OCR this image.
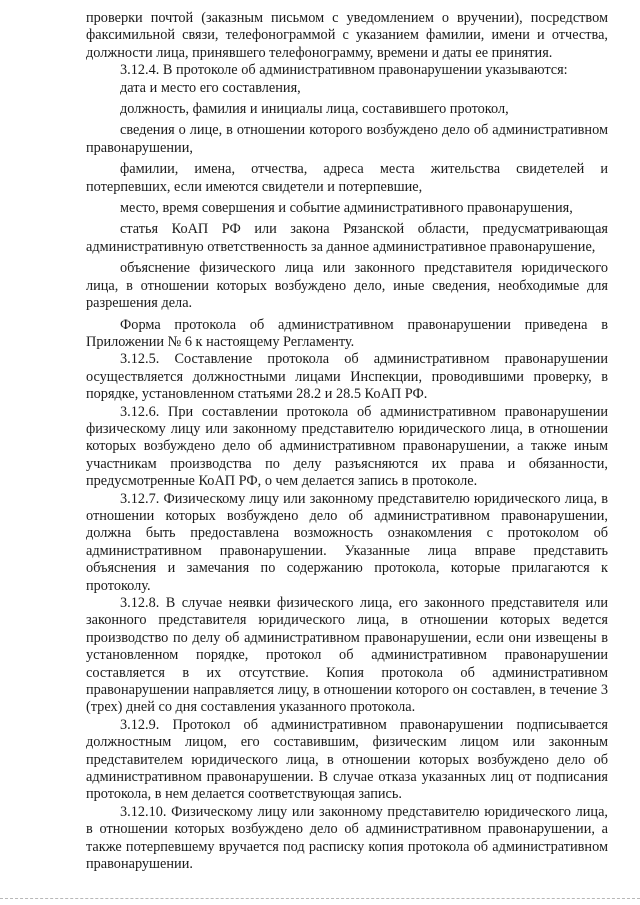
проверки почтой (заказным письмом с уведомлением о вручении), посредством факсимильной связи, телефонограммой с указанием фамилии, имени и отчества, должности лица, принявшего телефонограмму, времени и даты ее принятия.

3.12.4. В протоколе об административном правонарушении указываются:

дата и место его составления,

должность, фамилия и инициалы лица, составившего протокол,

сведения о лице, в отношении которого возбуждено дело об административном правонарушении,

фамилии, имена, отчества, адреса места жительства свидетелей и потерпевших, если имеются свидетели и потерпевшие,

место, время совершения и событие административного правонарушения,

статья КоАП РФ или закона Рязанской области, предусматривающая административную ответственность за данное административное правонарушение,

объяснение физического лица или законного представителя юридического лица, в отношении которых возбуждено дело, иные сведения, необходимые для разрешения дела.

Форма протокола об административном правонарушении приведена в Приложении № 6 к настоящему Регламенту.

3.12.5. Составление протокола об административном правонарушении осуществляется должностными лицами Инспекции, проводившими проверку, в порядке, установленном статьями 28.2 и 28.5 КоАП РФ.

3.12.6. При составлении протокола об административном правонарушении физическому лицу или законному представителю юридического лица, в отношении которых возбуждено дело об административном правонарушении, а также иным участникам производства по делу разъясняются их права и обязанности, предусмотренные КоАП РФ, о чем делается запись в протоколе.

3.12.7. Физическому лицу или законному представителю юридического лица, в отношении которых возбуждено дело об административном правонарушении, должна быть предоставлена возможность ознакомления с протоколом об административном правонарушении. Указанные лица вправе представить объяснения и замечания по содержанию протокола, которые прилагаются к протоколу.

3.12.8. В случае неявки физического лица, его законного представителя или законного представителя юридического лица, в отношении которых ведется производство по делу об административном правонарушении, если они извещены в установленном порядке, протокол об административном правонарушении составляется в их отсутствие. Копия протокола об административном правонарушении направляется лицу, в отношении которого он составлен, в течение 3 (трех) дней со дня составления указанного протокола.

3.12.9. Протокол об административном правонарушении подписывается должностным лицом, его составившим, физическим лицом или законным представителем юридического лица, в отношении которых возбуждено дело об административном правонарушении. В случае отказа указанных лиц от подписания протокола, в нем делается соответствующая запись.

3.12.10. Физическому лицу или законному представителю юридического лица, в отношении которых возбуждено дело об административном правонарушении, а также потерпевшему вручается под расписку копия протокола об административном правонарушении.
